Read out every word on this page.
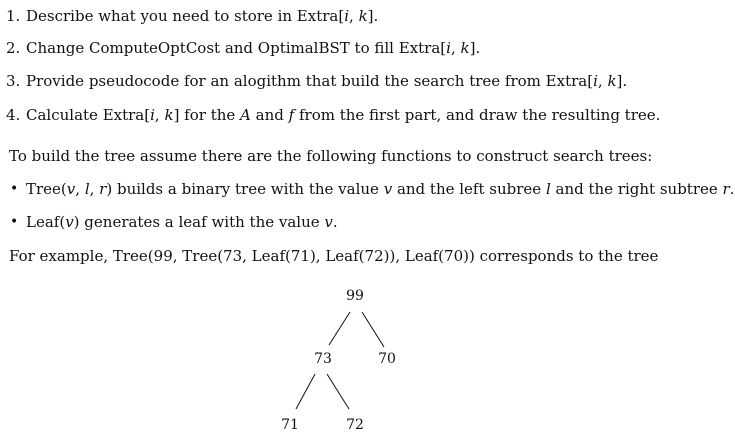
1. Describe what you need to store in Extra[i, k].
2. Change ComputeOptCost and OptimalBST to fill Extra[i, k].
3. Provide pseudocode for an alogithm that build the search tree from Extra[i, k].
4. Calculate Extra[i, k] for the A and f from the first part, and draw the resulting tree.
To build the tree assume there are the following functions to construct search trees:
• Tree(v, l, r) builds a binary tree with the value v and the left subree l and the right subtree r.
• Leaf(v) generates a leaf with the value v.
For example, Tree(99, Tree(73, Leaf(71), Leaf(72)), Leaf(70)) corresponds to the tree
99
73	70
71	72
